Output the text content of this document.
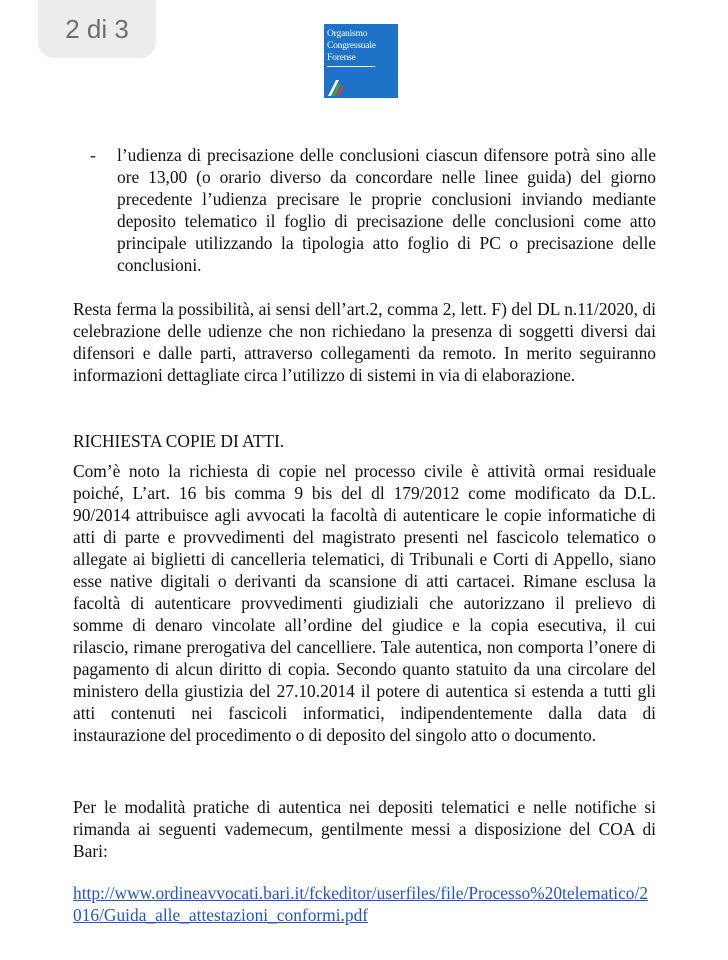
2 di 3	Organismo
Congressuale
Forense
- l’udienza di precisazione delle conclusioni ciascun difensore potrà sino alle ore 13,00 (o orario diverso da concordare nelle linee guida) del giorno precedente l’udienza precisare le proprie conclusioni inviando mediante deposito telematico il foglio di precisazione delle conclusioni come atto principale utilizzando la tipologia atto foglio di PC o precisazione delle conclusioni.
Resta ferma la possibilità, ai sensi dell’art.2, comma 2, lett. F) del DL n.11/2020, di celebrazione delle udienze che non richiedano la presenza di soggetti diversi dai difensori e dalle parti, attraverso collegamenti da remoto. In merito seguiranno informazioni dettagliate circa l’utilizzo di sistemi in via di elaborazione.
RICHIESTA COPIE DI ATTI.
Com’è noto la richiesta di copie nel processo civile è attività ormai residuale poiché, L’art. 16 bis comma 9 bis del dl 179/2012 come modificato da D.L. 90/2014 attribuisce agli avvocati la facoltà di autenticare le copie informatiche di atti di parte e provvedimenti del magistrato presenti nel fascicolo telematico o allegate ai biglietti di cancelleria telematici, di Tribunali e Corti di Appello, siano esse native digitali o derivanti da scansione di atti cartacei. Rimane esclusa la facoltà di autenticare provvedimenti giudiziali che autorizzano il prelievo di somme di denaro vincolate all’ordine del giudice e la copia esecutiva, il cui rilascio, rimane prerogativa del cancelliere. Tale autentica, non comporta l’onere di pagamento di alcun diritto di copia. Secondo quanto statuito da una circolare del ministero della giustizia del 27.10.2014 il potere di autentica si estenda a tutti gli atti contenuti nei fascicoli informatici, indipendentemente dalla data di instaurazione del procedimento o di deposito del singolo atto o documento.
Per le modalità pratiche di autentica nei depositi telematici e nelle notifiche si rimanda ai seguenti vademecum, gentilmente messi a disposizione del COA di Bari:
http://www.ordineavvocati.bari.it/fckeditor/userfiles/file/Processo%20telematico/2016/Guida_alle_attestazioni_conformi.pdf
